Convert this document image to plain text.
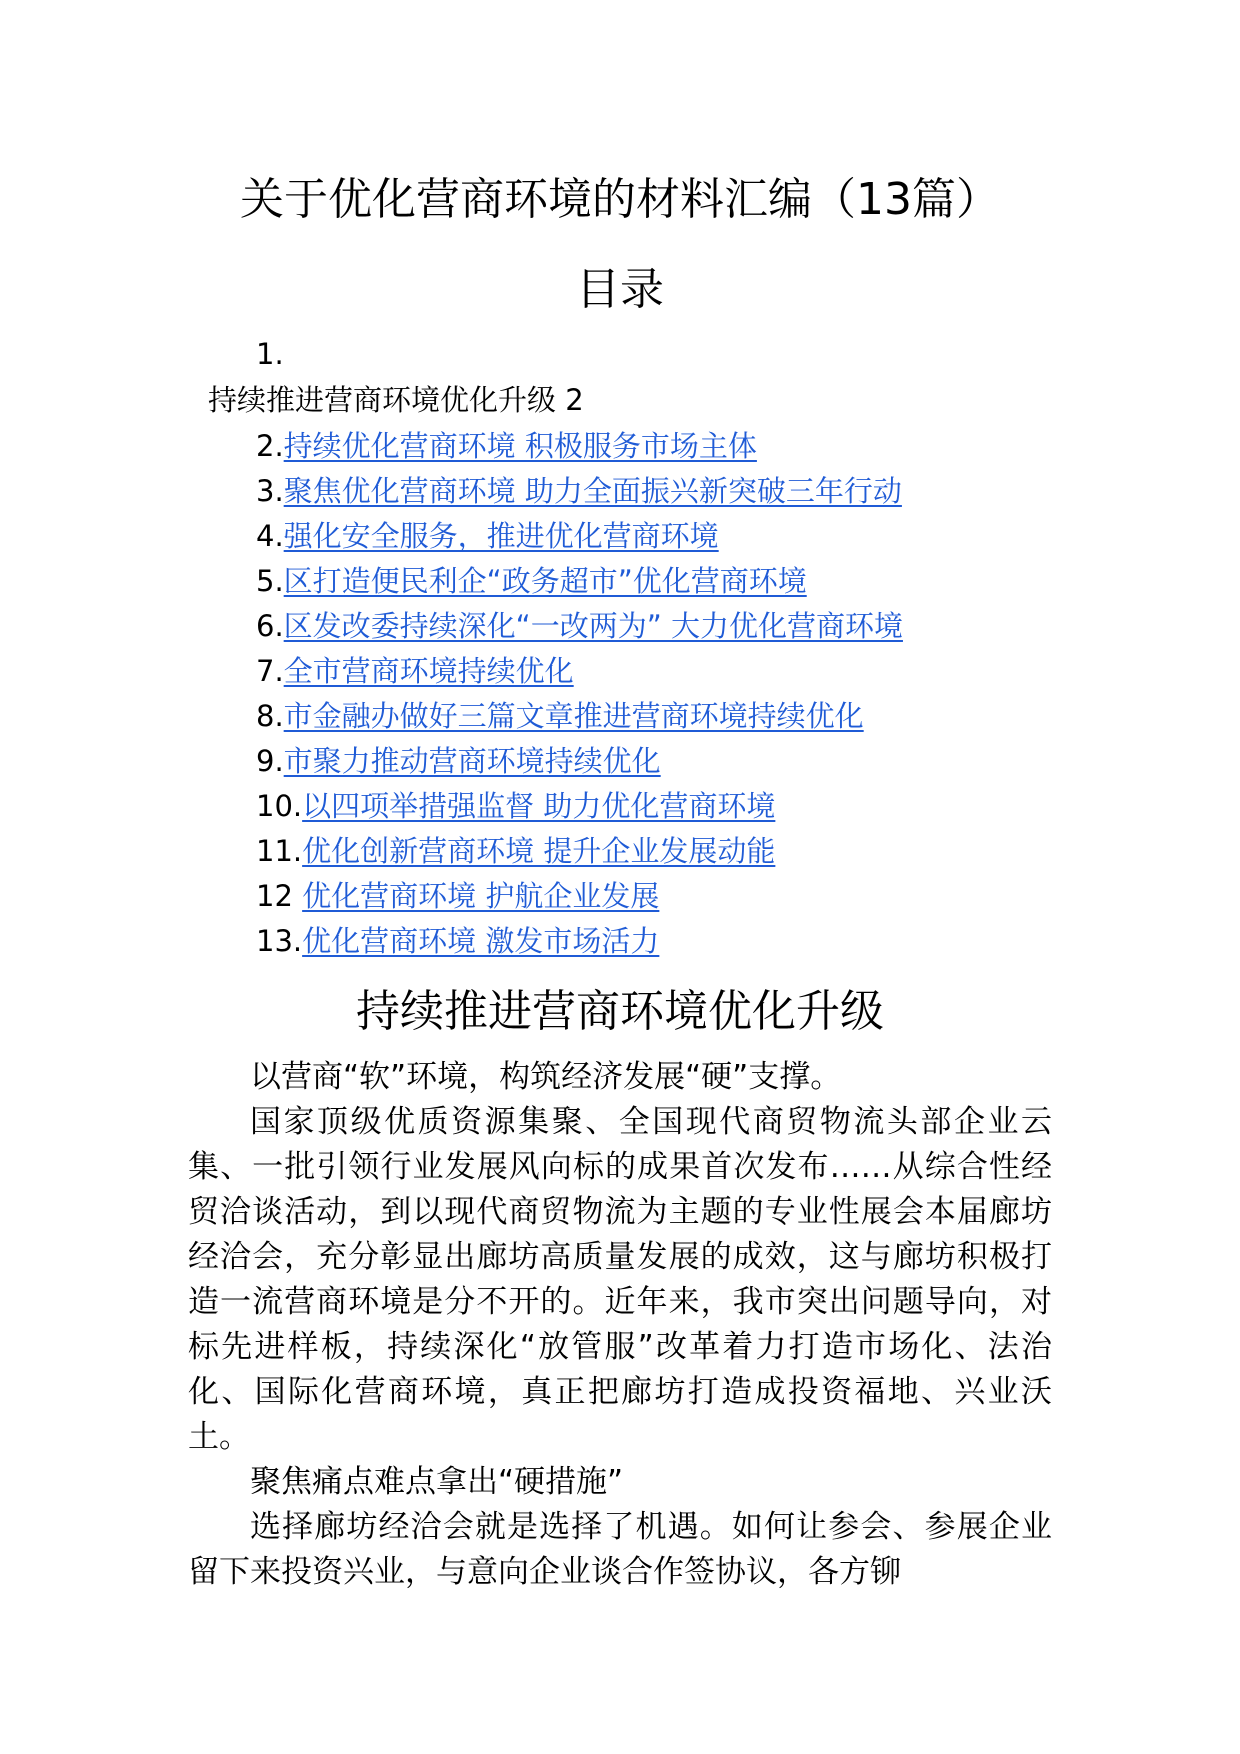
关于优化营商环境的材料汇编（13篇）
目录
1.
持续推进营商环境优化升级 2
2.持续优化营商环境 积极服务市场主体
3.聚焦优化营商环境 助力全面振兴新突破三年行动
4.强化安全服务，推进优化营商环境
5.区打造便民利企“政务超市”优化营商环境
6.区发改委持续深化“一改两为” 大力优化营商环境
7.全市营商环境持续优化
8.市金融办做好三篇文章推进营商环境持续优化
9.市聚力推动营商环境持续优化
10.以四项举措强监督 助力优化营商环境
11.优化创新营商环境 提升企业发展动能
12 优化营商环境 护航企业发展
13.优化营商环境 激发市场活力
持续推进营商环境优化升级

以营商“软”环境，构筑经济发展“硬”支撑。

国家顶级优质资源集聚、全国现代商贸物流头部企业云集、一批引领行业发展风向标的成果首次发布……从综合性经贸洽谈活动，到以现代商贸物流为主题的专业性展会本届廊坊经洽会，充分彰显出廊坊高质量发展的成效，这与廊坊积极打造一流营商环境是分不开的。近年来，我市突出问题导向，对标先进样板，持续深化“放管服”改革着力打造市场化、法治化、国际化营商环境，真正把廊坊打造成投资福地、兴业沃土。

聚焦痛点难点拿出“硬措施”

选择廊坊经洽会就是选择了机遇。如何让参会、参展企业留下来投资兴业，与意向企业谈合作签协议，各方铆
